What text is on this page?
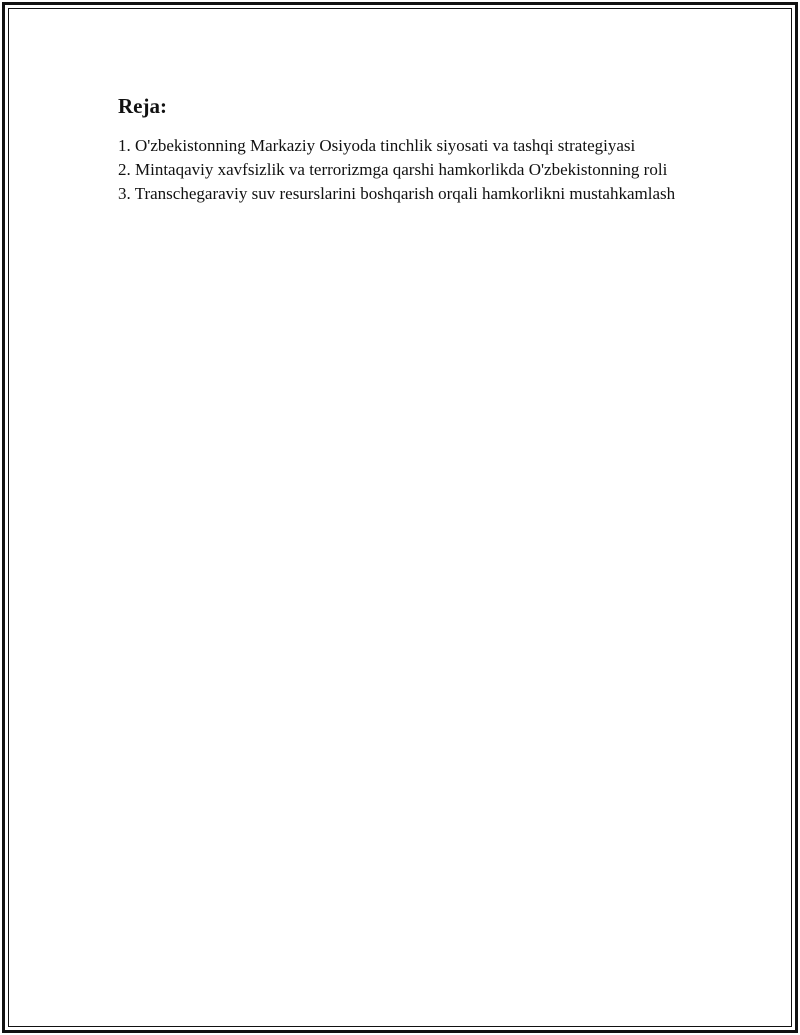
Reja:
1. O'zbekistonning Markaziy Osiyoda tinchlik siyosati va tashqi strategiyasi
2. Mintaqaviy xavfsizlik va terrorizmga qarshi hamkorlikda O'zbekistonning roli
3. Transchegaraviy suv resurslarini boshqarish orqali hamkorlikni mustahkamlash
